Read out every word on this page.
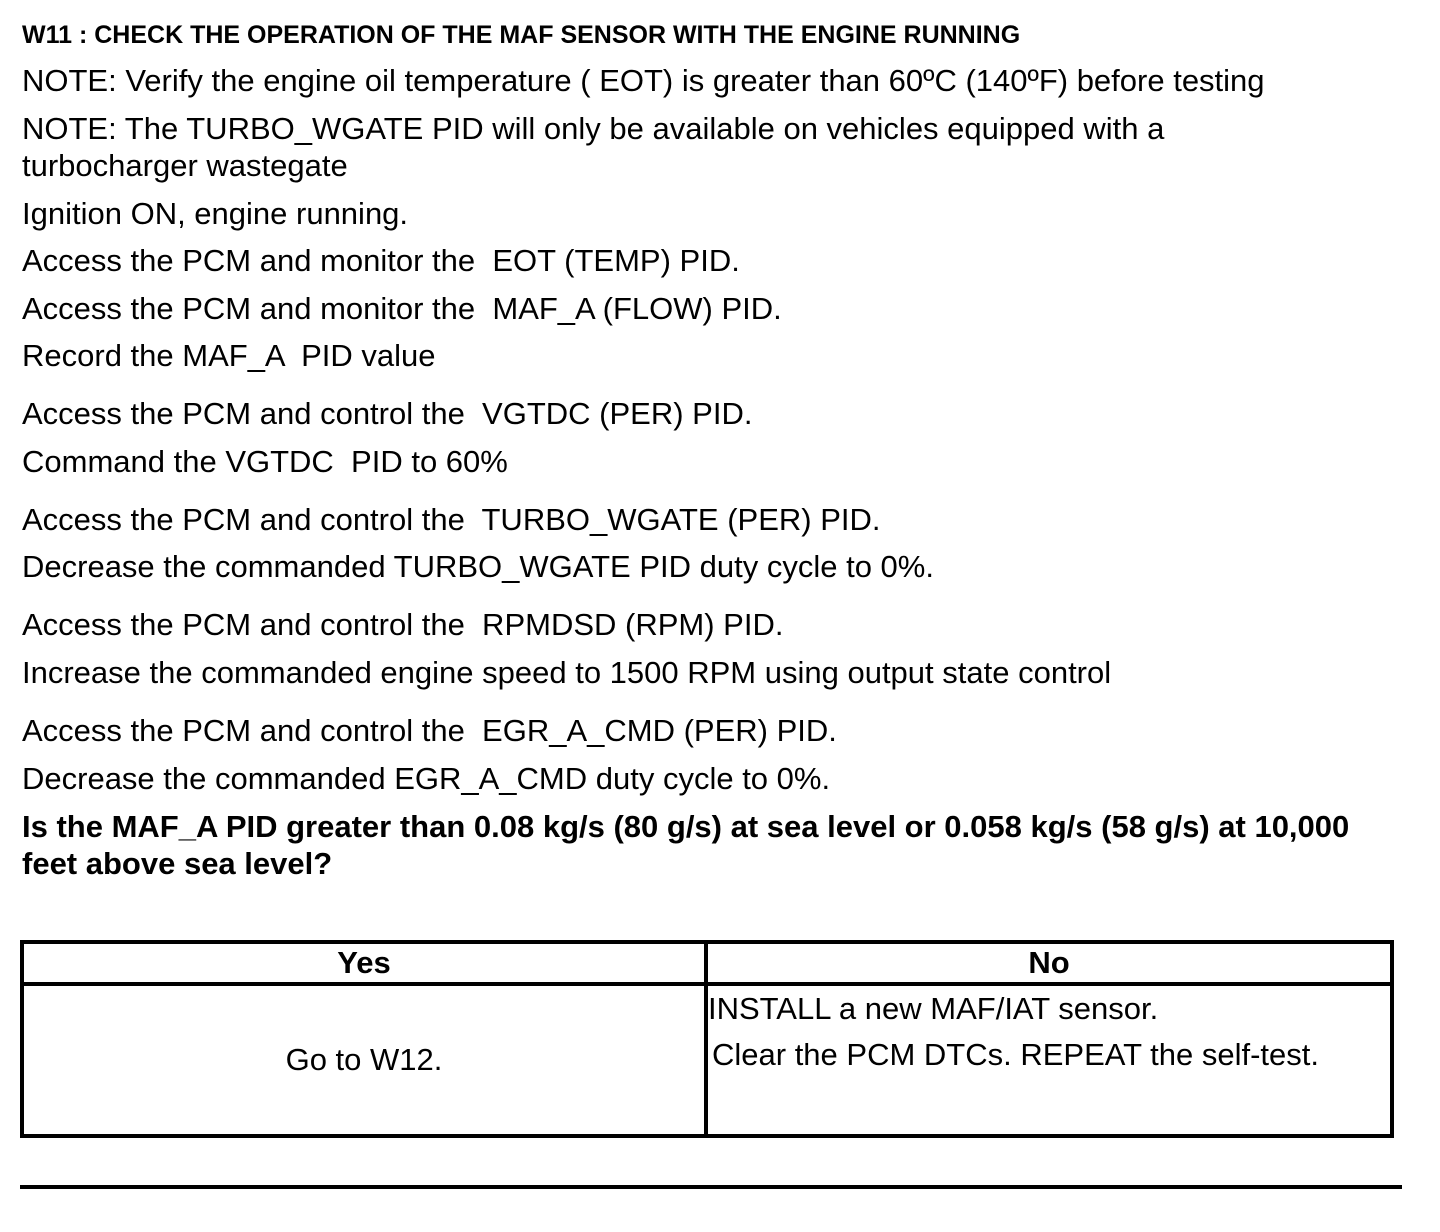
W11 : CHECK THE OPERATION OF THE MAF SENSOR WITH THE ENGINE RUNNING
NOTE: Verify the engine oil temperature ( EOT) is greater than 60ºC (140ºF) before testing
NOTE: The TURBO_WGATE PID will only be available on vehicles equipped with a turbocharger wastegate
Ignition ON, engine running.
Access the PCM and monitor the  EOT (TEMP) PID.
Access the PCM and monitor the  MAF_A (FLOW) PID.
Record the MAF_A  PID value
Access the PCM and control the  VGTDC (PER) PID.
Command the VGTDC  PID to 60%
Access the PCM and control the  TURBO_WGATE (PER) PID.
Decrease the commanded TURBO_WGATE PID duty cycle to 0%.
Access the PCM and control the  RPMDSD (RPM) PID.
Increase the commanded engine speed to 1500 RPM using output state control
Access the PCM and control the  EGR_A_CMD (PER) PID.
Decrease the commanded EGR_A_CMD duty cycle to 0%.
Is the MAF_A PID greater than 0.08 kg/s (80 g/s) at sea level or 0.058 kg/s (58 g/s) at 10,000 feet above sea level?
Yes	No
Go to W12.	INSTALL a new MAF/IAT sensor.
Clear the PCM DTCs. REPEAT the self-test.
